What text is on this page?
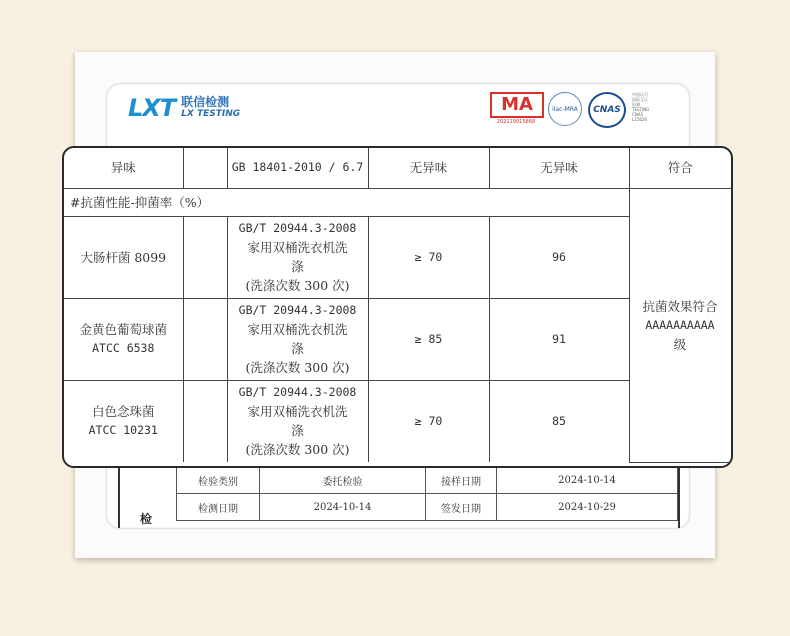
LXT 联信检测
LX TESTING	MA
202119015868
ilac-MRA	CNAS
中国认可
国际互认
检测
TESTING
CNAS L15626
检
检验类别	委托检验	接样日期	2024-10-14
检测日期	2024-10-14	签发日期	2024-10-29
异味		GB 18401-2010 / 6.7	无异味	无异味	符合	
#抗菌性能-抑菌率（%）					抗菌效果符合
AAAAAAAAAA
级	

大肠杆菌 8099		GB/T 20944.3-2008
家用双桶洗衣机洗
涤
(洗涤次数 300 次)	≥ 70	96		

金黄色葡萄球菌
ATCC 6538		GB/T 20944.3-2008
家用双桶洗衣机洗
涤
(洗涤次数 300 次)	≥ 85	91		

白色念珠菌
ATCC 10231		GB/T 20944.3-2008
家用双桶洗衣机洗
涤
(洗涤次数 300 次)	≥ 70	85		
